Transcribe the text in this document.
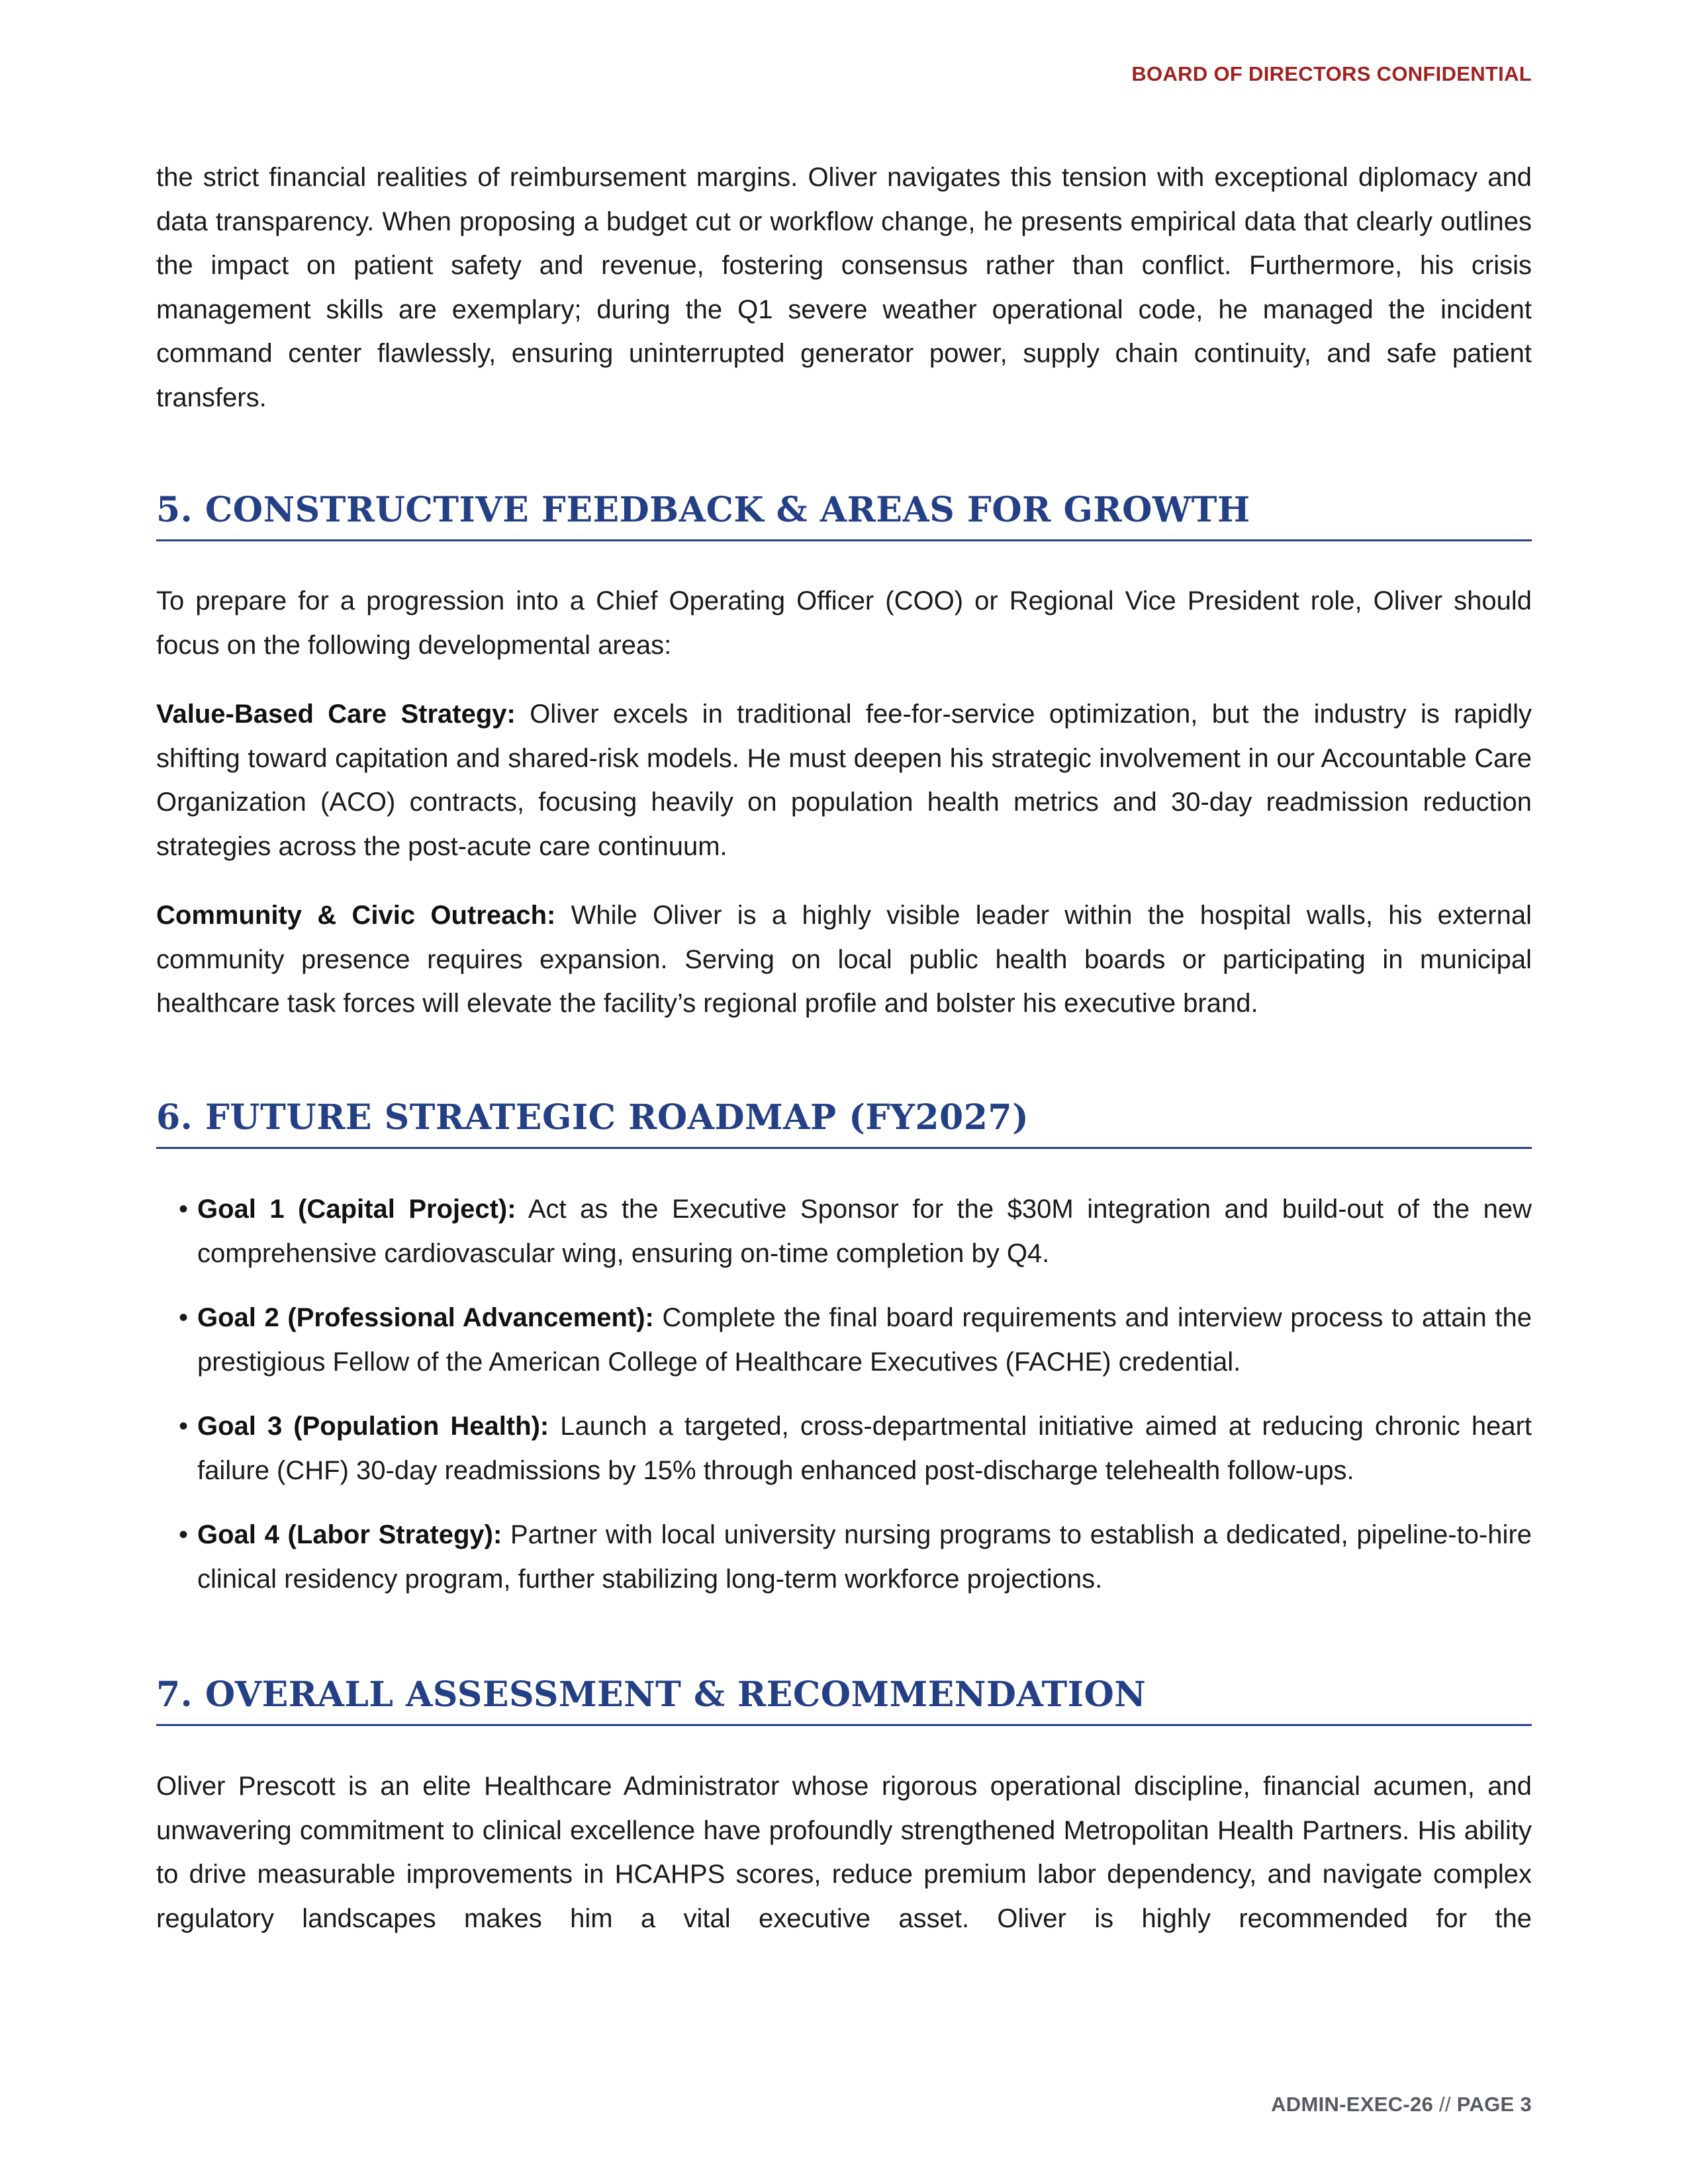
BOARD OF DIRECTORS CONFIDENTIAL

the strict financial realities of reimbursement margins. Oliver navigates this tension with exceptional diplomacy and data transparency. When proposing a budget cut or workflow change, he presents empirical data that clearly outlines the impact on patient safety and revenue, fostering consensus rather than conflict. Furthermore, his crisis management skills are exemplary; during the Q1 severe weather operational code, he managed the incident command center flawlessly, ensuring uninterrupted generator power, supply chain continuity, and safe patient transfers.

5. CONSTRUCTIVE FEEDBACK & AREAS FOR GROWTH

To prepare for a progression into a Chief Operating Officer (COO) or Regional Vice President role, Oliver should focus on the following developmental areas:

Value-Based Care Strategy: Oliver excels in traditional fee-for-service optimization, but the industry is rapidly shifting toward capitation and shared-risk models. He must deepen his strategic involvement in our Accountable Care Organization (ACO) contracts, focusing heavily on population health metrics and 30-day readmission reduction strategies across the post-acute care continuum.

Community & Civic Outreach: While Oliver is a highly visible leader within the hospital walls, his external community presence requires expansion. Serving on local public health boards or participating in municipal healthcare task forces will elevate the facility’s regional profile and bolster his executive brand.

6. FUTURE STRATEGIC ROADMAP (FY2027)

• Goal 1 (Capital Project): Act as the Executive Sponsor for the $30M integration and build-out of the new comprehensive cardiovascular wing, ensuring on-time completion by Q4.

• Goal 2 (Professional Advancement): Complete the final board requirements and interview process to attain the prestigious Fellow of the American College of Healthcare Executives (FACHE) credential.

• Goal 3 (Population Health): Launch a targeted, cross-departmental initiative aimed at reducing chronic heart failure (CHF) 30-day readmissions by 15% through enhanced post-discharge telehealth follow-ups.

• Goal 4 (Labor Strategy): Partner with local university nursing programs to establish a dedicated, pipeline-to-hire clinical residency program, further stabilizing long-term workforce projections.

7. OVERALL ASSESSMENT & RECOMMENDATION

Oliver Prescott is an elite Healthcare Administrator whose rigorous operational discipline, financial acumen, and unwavering commitment to clinical excellence have profoundly strengthened Metropolitan Health Partners. His ability to drive measurable improvements in HCAHPS scores, reduce premium labor dependency, and navigate complex regulatory landscapes makes him a vital executive asset. Oliver is highly recommended for the

ADMIN-EXEC-26 // PAGE 3
